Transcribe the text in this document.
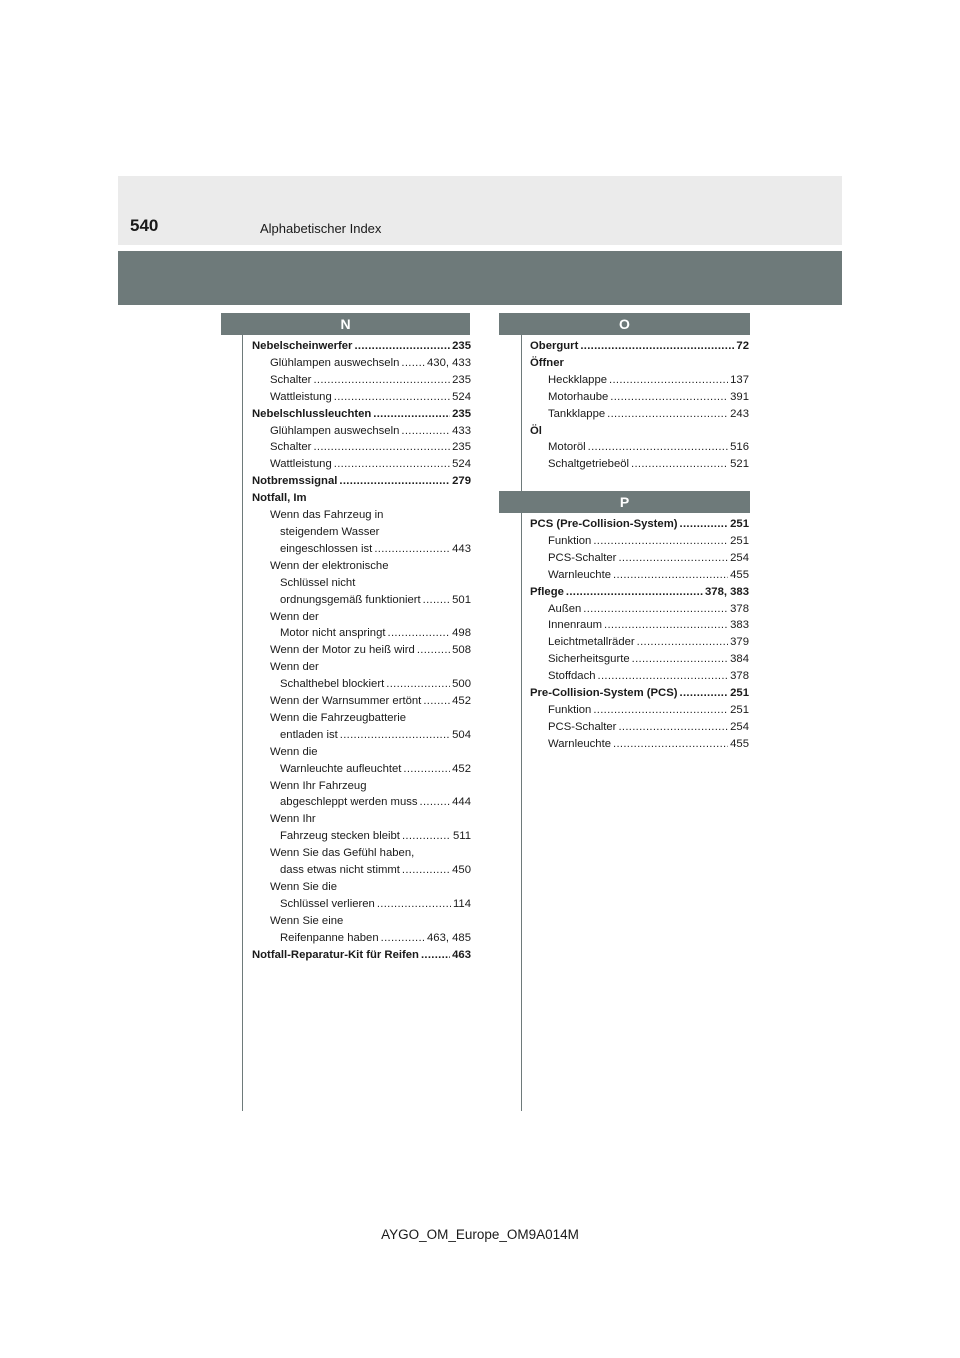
540	Alphabetischer Index
N	O
P
Nebelscheinwerfer .....	235
Glühlampen auswechseln ..... 430, 433
Schalter .....	235
Wattleistung .....	524
Nebelschlussleuchten .....	235
Glühlampen auswechseln .....	433
Schalter .....	235
Wattleistung .....	524
Notbremssignal .....	279
Notfall, Im
Wenn das Fahrzeug in
steigendem Wasser
eingeschlossen ist .....	443
Wenn der elektronische
Schlüssel nicht
ordnungsgemäß funktioniert .....	501
Wenn der
Motor nicht anspringt .....	498
Wenn der Motor zu heiß wird .....	508
Wenn der
Schalthebel blockiert .....	500
Wenn der Warnsummer ertönt .....	452
Wenn die Fahrzeugbatterie
entladen ist .....	504
Wenn die
Warnleuchte aufleuchtet .....	452
Wenn Ihr Fahrzeug
abgeschleppt werden muss .....	444
Wenn Ihr
Fahrzeug stecken bleibt .....	511
Wenn Sie das Gefühl haben,
dass etwas nicht stimmt .....	450
Wenn Sie die
Schlüssel verlieren .....	114
Wenn Sie eine
Reifenpanne haben .....	463, 485
Notfall-Reparatur-Kit für Reifen .....	463
Obergurt .....	72
Öffner
Heckklappe .....	137
Motorhaube .....	391
Tankklappe .....	243
Öl
Motoröl .....	516
Schaltgetriebeöl .....	521
PCS (Pre-Collision-System) .....	251
Funktion .....	251
PCS-Schalter .....	254
Warnleuchte .....	455
Pflege .....	378, 383
Außen .....	378
Innenraum .....	383
Leichtmetallräder .....	379
Sicherheitsgurte .....	384
Stoffdach .....	378
Pre-Collision-System (PCS) .....	251
Funktion .....	251
PCS-Schalter .....	254
Warnleuchte .....	455
AYGO_OM_Europe_OM9A014M
